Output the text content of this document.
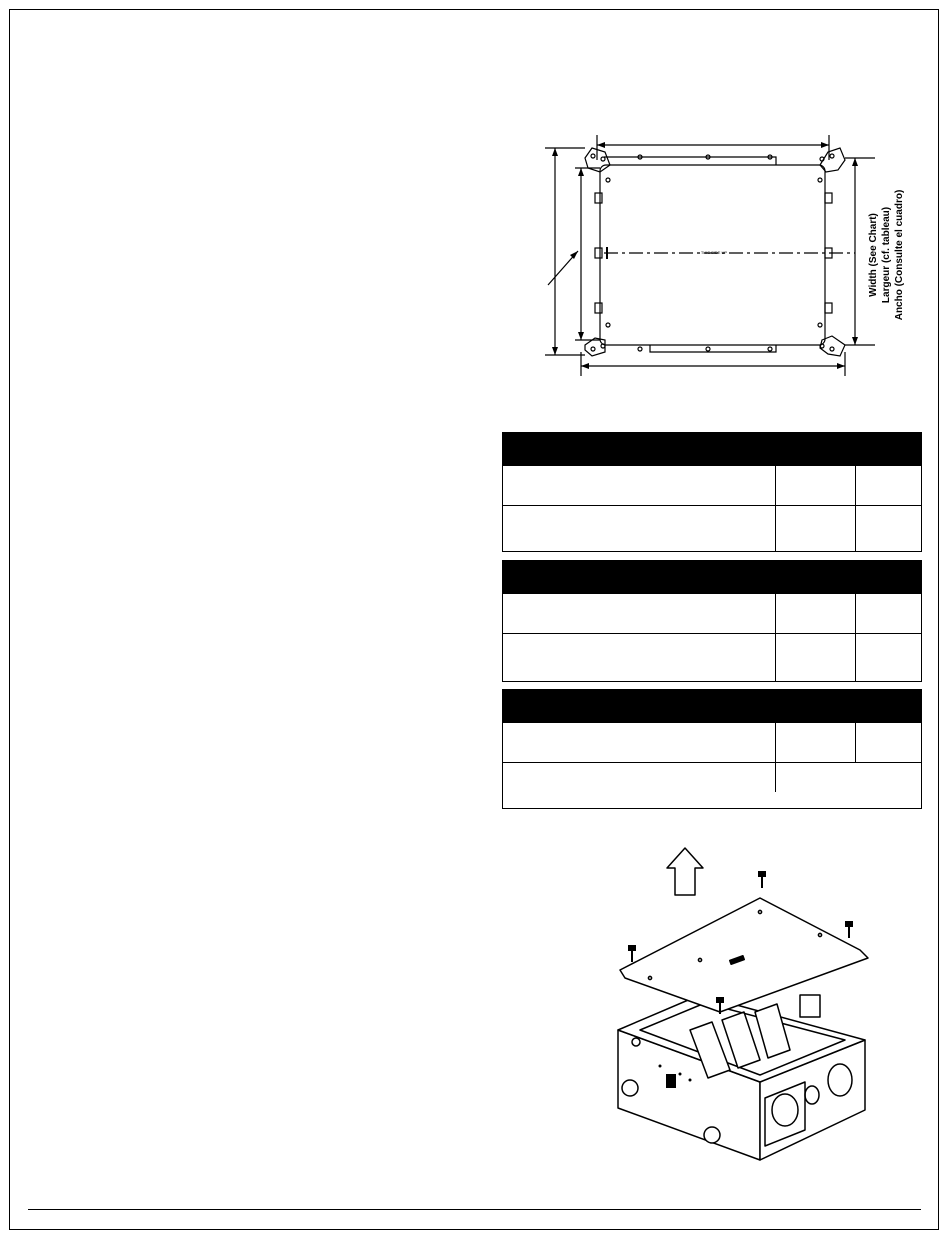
THIS SIDE UP	Width (See Chart) Largeur (cf. tableau) Ancho (Consulte el cuadro)
